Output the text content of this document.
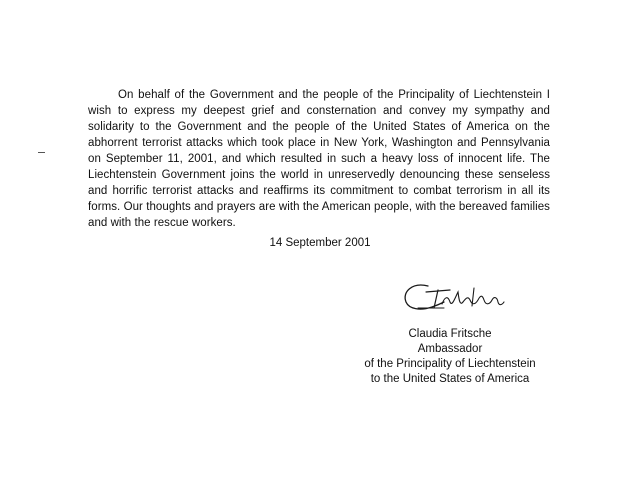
On behalf of the Government and the people of the Principality of Liechtenstein I wish to express my deepest grief and consternation and convey my sympathy and solidarity to the Government and the people of the United States of America on the abhorrent terrorist attacks which took place in New York, Washington and Pennsylvania on September 11, 2001, and which resulted in such a heavy loss of innocent life. The Liechtenstein Government joins the world in unreservedly denouncing these senseless and horrific terrorist attacks and reaffirms its commitment to combat terrorism in all its forms. Our thoughts and prayers are with the American people, with the bereaved families and with the rescue workers.

14 September 2001

Claudia Fritsche
Ambassador
of the Principality of Liechtenstein
to the United States of America
